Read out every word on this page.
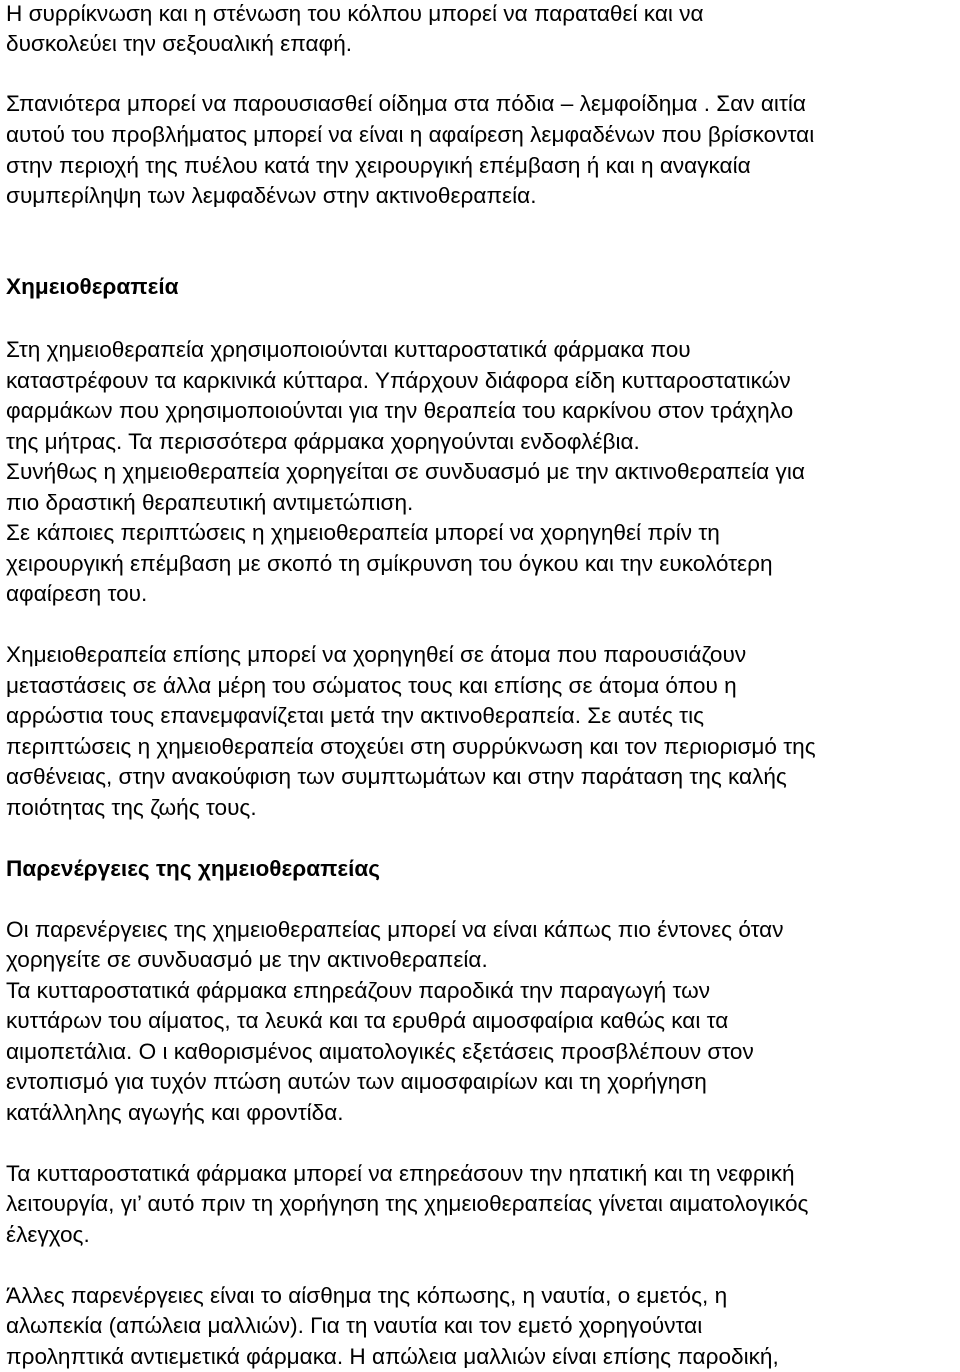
Η συρρίκνωση και η στένωση του κόλπου μπορεί να παραταθεί και να
δυσκολεύει την σεξουαλική επαφή.
Σπανιότερα μπορεί να παρουσιασθεί οίδημα στα πόδια – λεμφοίδημα . Σαν αιτία
αυτού του προβλήματος μπορεί να είναι η αφαίρεση λεμφαδένων που βρίσκονται
στην περιοχή της πυέλου κατά την χειρουργική επέμβαση ή και η αναγκαία
συμπερίληψη των λεμφαδένων στην ακτινοθεραπεία.
Χημειοθεραπεία
Στη χημειοθεραπεία χρησιμοποιούνται κυτταροστατικά φάρμακα που
καταστρέφουν τα καρκινικά κύτταρα. Υπάρχουν διάφορα είδη κυτταροστατικών
φαρμάκων που χρησιμοποιούνται για την θεραπεία του καρκίνου στον τράχηλο
της μήτρας. Τα περισσότερα φάρμακα χορηγούνται ενδοφλέβια.
Συνήθως η χημειοθεραπεία χορηγείται σε συνδυασμό με την ακτινοθεραπεία για
πιο δραστική θεραπευτική αντιμετώπιση.
Σε κάποιες περιπτώσεις η χημειοθεραπεία μπορεί να χορηγηθεί πρίν τη
χειρουργική επέμβαση με σκοπό τη σμίκρυνση του όγκου και την ευκολότερη
αφαίρεση του.
Χημειοθεραπεία επίσης μπορεί να χορηγηθεί σε άτομα που παρουσιάζουν
μεταστάσεις σε άλλα μέρη του σώματος τους και επίσης σε άτομα όπου η
αρρώστια τους επανεμφανίζεται μετά την ακτινοθεραπεία. Σε αυτές τις
περιπτώσεις η χημειοθεραπεία στοχεύει στη συρρύκνωση και τον περιορισμό της
ασθένειας, στην ανακούφιση των συμπτωμάτων και στην παράταση της καλής
ποιότητας της ζωής τους.
Παρενέργειες της χημειοθεραπείας
Οι παρενέργειες της χημειοθεραπείας μπορεί να είναι κάπως πιο έντονες όταν
χορηγείτε σε συνδυασμό με την ακτινοθεραπεία.
Τα κυτταροστατικά φάρμακα επηρεάζουν παροδικά την παραγωγή των
κυττάρων του αίματος, τα λευκά και τα ερυθρά αιμοσφαίρια καθώς και τα
αιμοπετάλια. Ο ι καθορισμένος αιματολογικές εξετάσεις προσβλέπουν στον
εντοπισμό για τυχόν πτώση αυτών των αιμοσφαιρίων και τη χορήγηση
κατάλληλης αγωγής και φροντίδα.
Τα κυτταροστατικά φάρμακα μπορεί να επηρεάσουν την ηπατική και τη νεφρική
λειτουργία, γι’ αυτό πριν τη χορήγηση της χημειοθεραπείας γίνεται αιματολογικός
έλεγχος.
Άλλες παρενέργειες είναι το αίσθημα της κόπωσης, η ναυτία, ο εμετός, η
αλωπεκία (απώλεια μαλλιών). Για τη ναυτία και τον εμετό χορηγούνται
προληπτικά αντιεμετικά φάρμακα. Η απώλεια μαλλιών είναι επίσης παροδική,
